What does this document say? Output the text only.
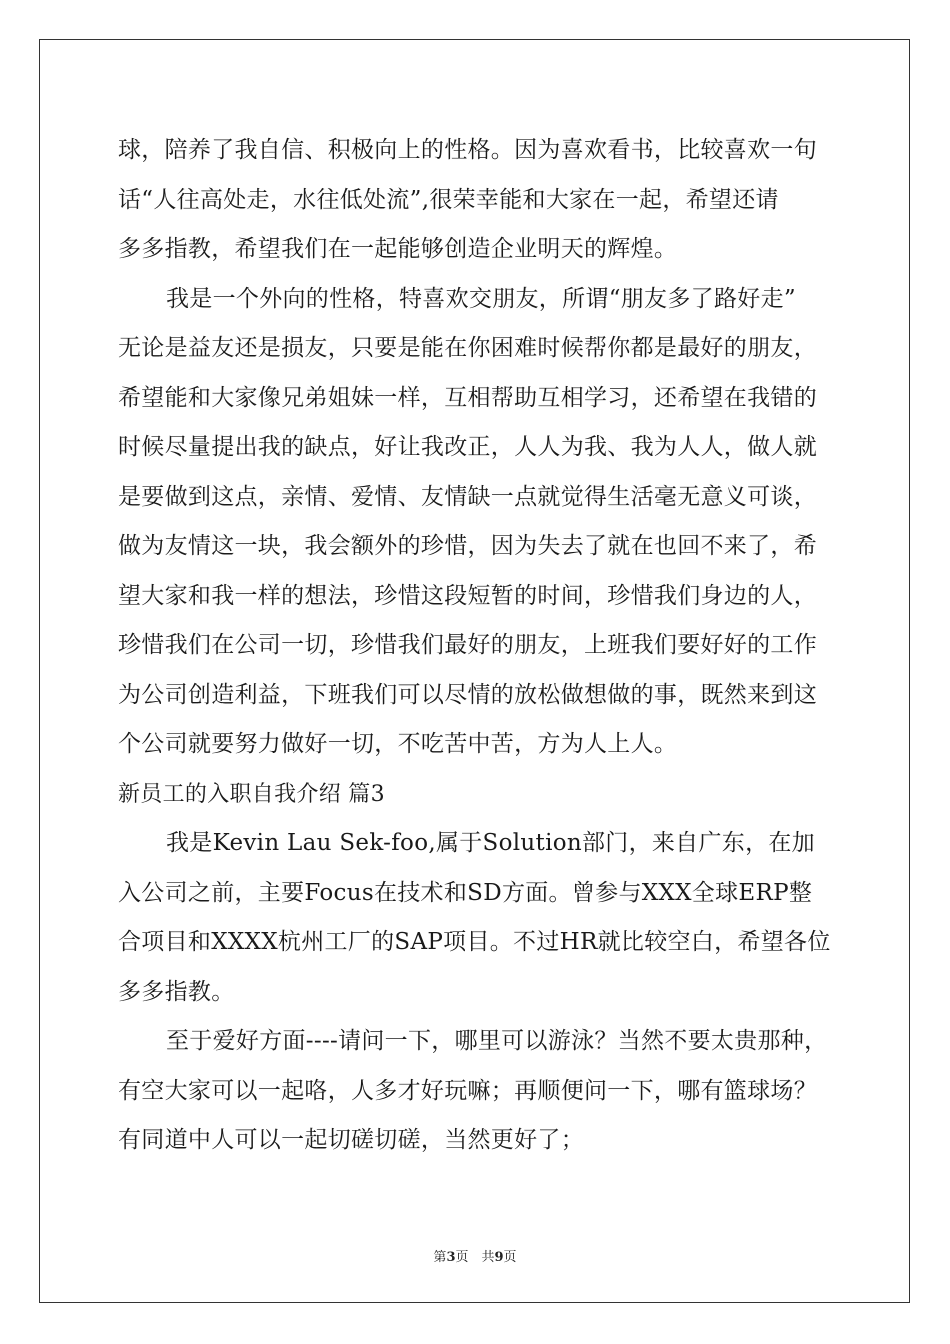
球，陪养了我自信、积极向上的性格。因为喜欢看书，比较喜欢一句
话“人往高处走，水往低处流”,很荣幸能和大家在一起，希望还请
多多指教，希望我们在一起能够创造企业明天的辉煌。
我是一个外向的性格，特喜欢交朋友，所谓“朋友多了路好走”
无论是益友还是损友，只要是能在你困难时候帮你都是最好的朋友，
希望能和大家像兄弟姐妹一样，互相帮助互相学习，还希望在我错的
时候尽量提出我的缺点，好让我改正，人人为我、我为人人，做人就
是要做到这点，亲情、爱情、友情缺一点就觉得生活毫无意义可谈，
做为友情这一块，我会额外的珍惜，因为失去了就在也回不来了，希
望大家和我一样的想法，珍惜这段短暂的时间，珍惜我们身边的人，
珍惜我们在公司一切，珍惜我们最好的朋友，上班我们要好好的工作
为公司创造利益，下班我们可以尽情的放松做想做的事，既然来到这
个公司就要努力做好一切，不吃苦中苦，方为人上人。
新员工的入职自我介绍 篇3
我是Kevin Lau Sek-foo,属于Solution部门，来自广东，在加
入公司之前，主要Focus在技术和SD方面。曾参与XXX全球ERP整
合项目和XXXX杭州工厂的SAP项目。不过HR就比较空白，希望各位
多多指教。
至于爱好方面----请问一下，哪里可以游泳？当然不要太贵那种，
有空大家可以一起咯，人多才好玩嘛；再顺便问一下，哪有篮球场？
有同道中人可以一起切磋切磋，当然更好了；
第3页　共9页
